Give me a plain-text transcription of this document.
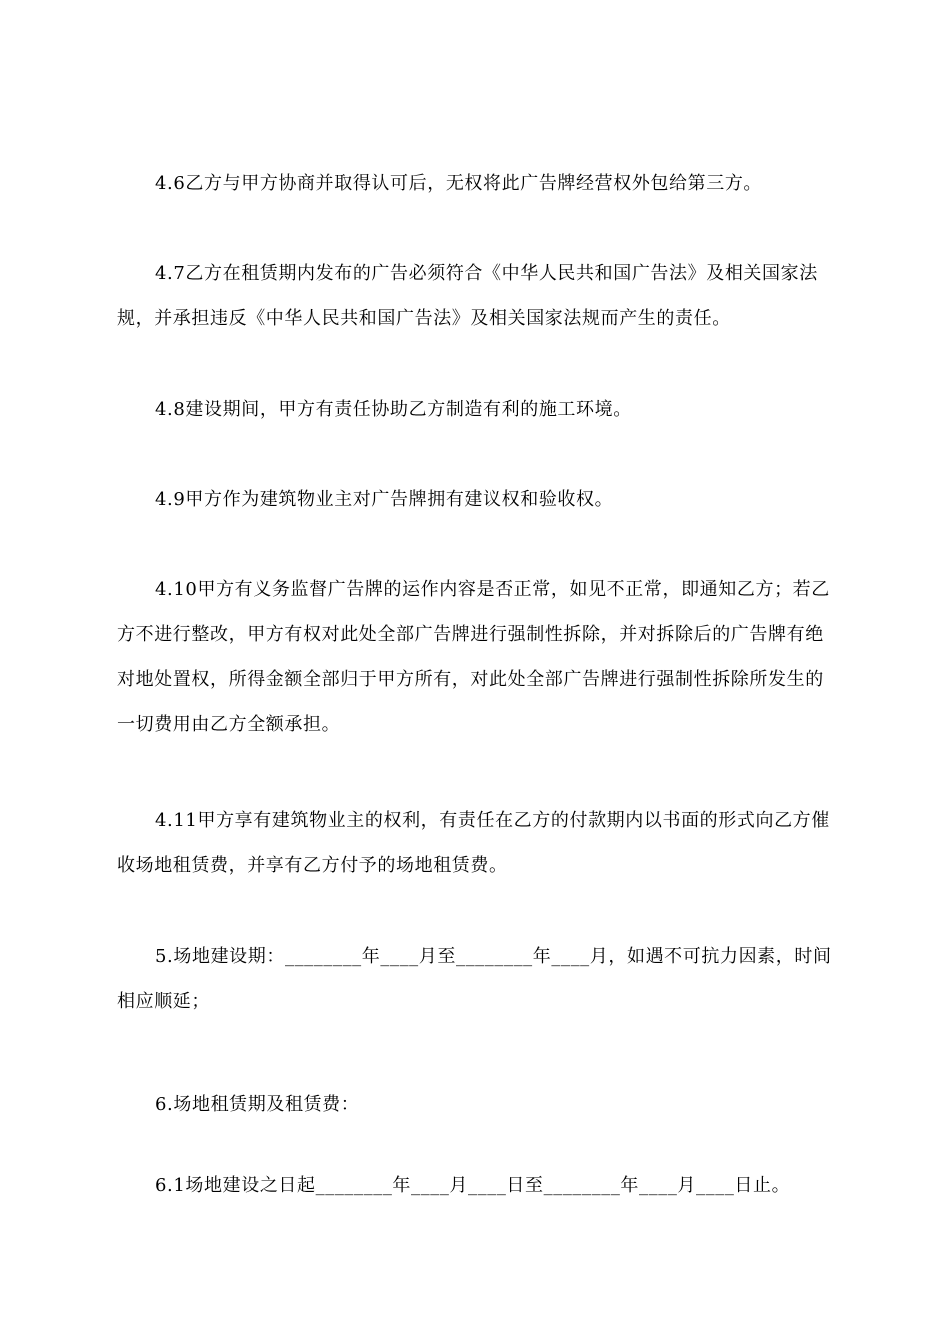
4.6乙方与甲方协商并取得认可后，无权将此广告牌经营权外包给第三方。

4.7乙方在租赁期内发布的广告必须符合《中华人民共和国广告法》及相关国家法规，并承担违反《中华人民共和国广告法》及相关国家法规而产生的责任。

4.8建设期间，甲方有责任协助乙方制造有利的施工环境。

4.9甲方作为建筑物业主对广告牌拥有建议权和验收权。

4.10甲方有义务监督广告牌的运作内容是否正常，如见不正常，即通知乙方；若乙方不进行整改，甲方有权对此处全部广告牌进行强制性拆除，并对拆除后的广告牌有绝对地处置权，所得金额全部归于甲方所有，对此处全部广告牌进行强制性拆除所发生的一切费用由乙方全额承担。

4.11甲方享有建筑物业主的权利，有责任在乙方的付款期内以书面的形式向乙方催收场地租赁费，并享有乙方付予的场地租赁费。

5.场地建设期：________年____月至________年____月，如遇不可抗力因素，时间相应顺延；

6.场地租赁期及租赁费：

6.1场地建设之日起________年____月____日至________年____月____日止。
